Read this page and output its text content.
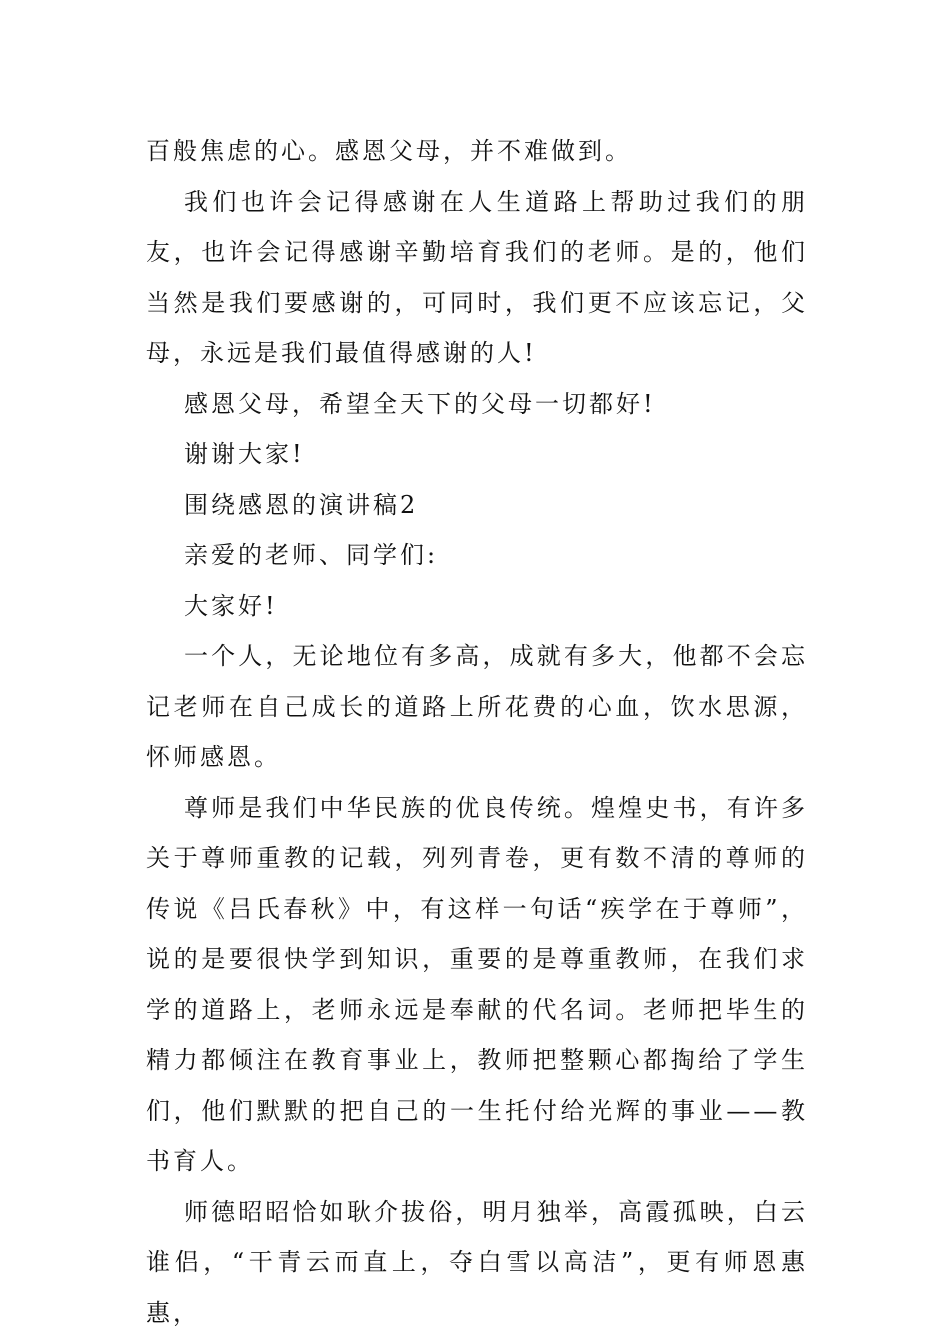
百般焦虑的心。感恩父母，并不难做到。

我们也许会记得感谢在人生道路上帮助过我们的朋友，也许会记得感谢辛勤培育我们的老师。是的，他们当然是我们要感谢的，可同时，我们更不应该忘记，父母，永远是我们最值得感谢的人!

感恩父母，希望全天下的父母一切都好!

谢谢大家!

围绕感恩的演讲稿2

亲爱的老师、同学们:

大家好!

一个人，无论地位有多高，成就有多大，他都不会忘记老师在自己成长的道路上所花费的心血，饮水思源，怀师感恩。

尊师是我们中华民族的优良传统。煌煌史书，有许多关于尊师重教的记载，列列青卷，更有数不清的尊师的传说《吕氏春秋》中，有这样一句话“疾学在于尊师”，说的是要很快学到知识，重要的是尊重教师，在我们求学的道路上，老师永远是奉献的代名词。老师把毕生的精力都倾注在教育事业上，教师把整颗心都掏给了学生们，他们默默的把自己的一生托付给光辉的事业——教书育人。

师德昭昭恰如耿介拔俗，明月独举，高霞孤映，白云谁侣，“干青云而直上，夺白雪以高洁”，更有师恩惠惠，
